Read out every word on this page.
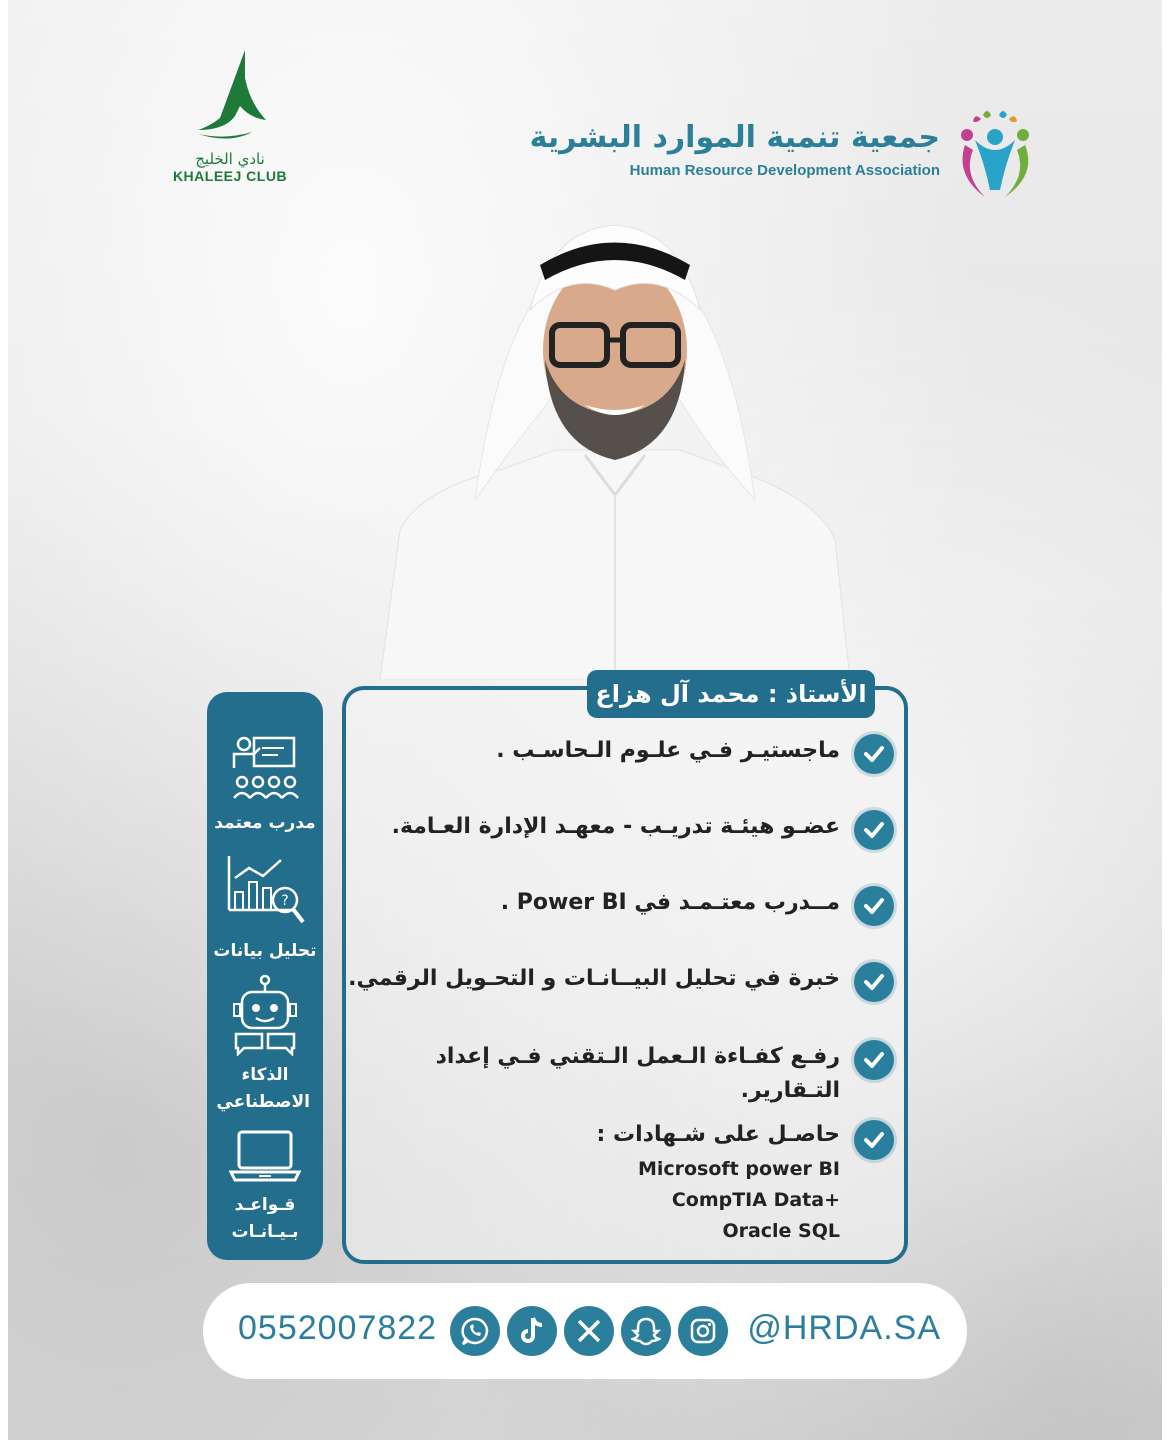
نادي الخليج
KHALEEJ CLUB
جمعية تنمية الموارد البشرية
Human Resource Development Association
الأستاذ : محمد آل هزاع
ماجستيـر فـي علـوم الـحاسـب .
عضـو هيئـة تدريـب - معهـد الإدارة العـامة.
مــدرب معتـمـد في Power BI .
خبرة في تحليل البيــانـات و التحـويل الرقمي.
رفـع كفـاءة الـعمل الـتقني فـي إعداد التـقارير.
حاصـل على شـهادات :
Microsoft power BI
CompTIA Data+
Oracle SQL
مدرب معتمد
?
تحليل بيانات
الذكاء الاصطناعي
قـواعـد بـيـانـات
0552007822	@HRDA.SA
